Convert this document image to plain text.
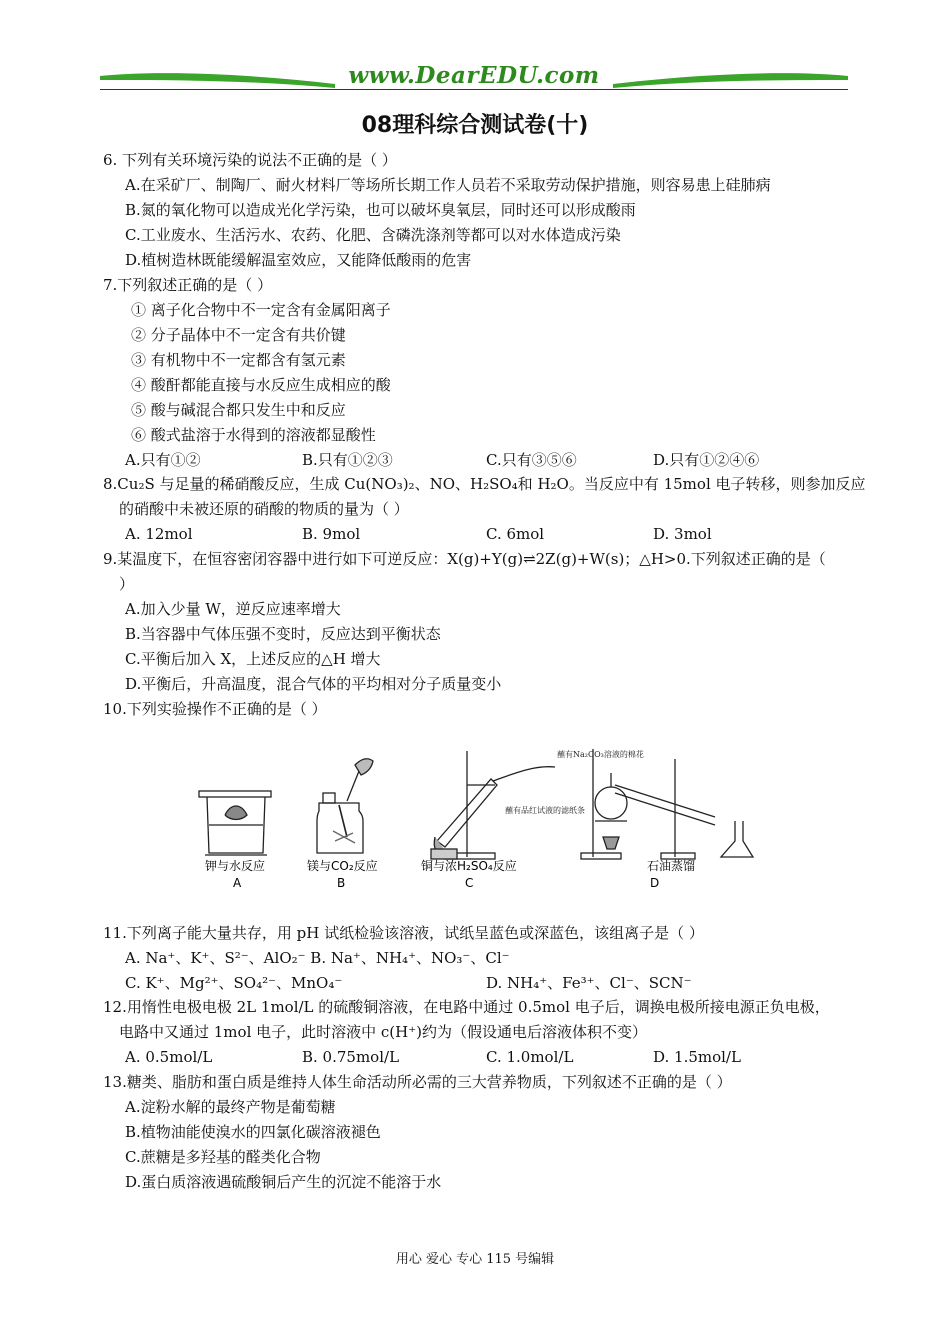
www.DearEDU.com
08理科综合测试卷(十)
6. 下列有关环境污染的说法不正确的是（ ）
A.在采矿厂、制陶厂、耐火材料厂等场所长期工作人员若不采取劳动保护措施，则容易患上硅肺病
B.氮的氧化物可以造成光化学污染，也可以破坏臭氧层，同时还可以形成酸雨
C.工业废水、生活污水、农药、化肥、含磷洗涤剂等都可以对水体造成污染
D.植树造林既能缓解温室效应，又能降低酸雨的危害
7.下列叙述正确的是（ ）
① 离子化合物中不一定含有金属阳离子
② 分子晶体中不一定含有共价键
③ 有机物中不一定都含有氢元素
④ 酸酐都能直接与水反应生成相应的酸
⑤ 酸与碱混合都只发生中和反应
⑥ 酸式盐溶于水得到的溶液都显酸性
A.只有①②	B.只有①②③	C.只有③⑤⑥	D.只有①②④⑥
8.Cu₂S 与足量的稀硝酸反应，生成 Cu(NO₃)₂、NO、H₂SO₄和 H₂O。当反应中有 15mol 电子转移，则参加反应
的硝酸中未被还原的硝酸的物质的量为（ ）
A. 12mol	B. 9mol	C. 6mol	D. 3mol
9.某温度下，在恒容密闭容器中进行如下可逆反应：X(g)+Y(g)⇌2Z(g)+W(s)；△H>0.下列叙述正确的是（
）
A.加入少量 W，逆反应速率增大
B.当容器中气体压强不变时，反应达到平衡状态
C.平衡后加入 X，上述反应的△H 增大
D.平衡后，升高温度，混合气体的平均相对分子质量变小
10.下列实验操作不正确的是（ ）
蘸有品红试液的滤纸条
蘸有Na₂CO₃溶液的棉花
钾与水反应
A
镁与CO₂反应
B
铜与浓H₂SO₄反应
C
石油蒸馏
D
11.下列离子能大量共存，用 pH 试纸检验该溶液，试纸呈蓝色或深蓝色，该组离子是（ ）
A. Na⁺、K⁺、S²⁻、AlO₂⁻ B. Na⁺、NH₄⁺、NO₃⁻、Cl⁻
C. K⁺、Mg²⁺、SO₄²⁻、MnO₄⁻	D. NH₄⁺、Fe³⁺、Cl⁻、SCN⁻
12.用惰性电极电极 2L 1mol/L 的硫酸铜溶液，在电路中通过 0.5mol 电子后，调换电极所接电源正负电极，
电路中又通过 1mol 电子，此时溶液中 c(H⁺)约为（假设通电后溶液体积不变）
A. 0.5mol/L	B. 0.75mol/L	C. 1.0mol/L	D. 1.5mol/L
13.糖类、脂肪和蛋白质是维持人体生命活动所必需的三大营养物质，下列叙述不正确的是（ ）
A.淀粉水解的最终产物是葡萄糖
B.植物油能使溴水的四氯化碳溶液褪色
C.蔗糖是多羟基的醛类化合物
D.蛋白质溶液遇硫酸铜后产生的沉淀不能溶于水
用心 爱心 专心 115 号编辑
